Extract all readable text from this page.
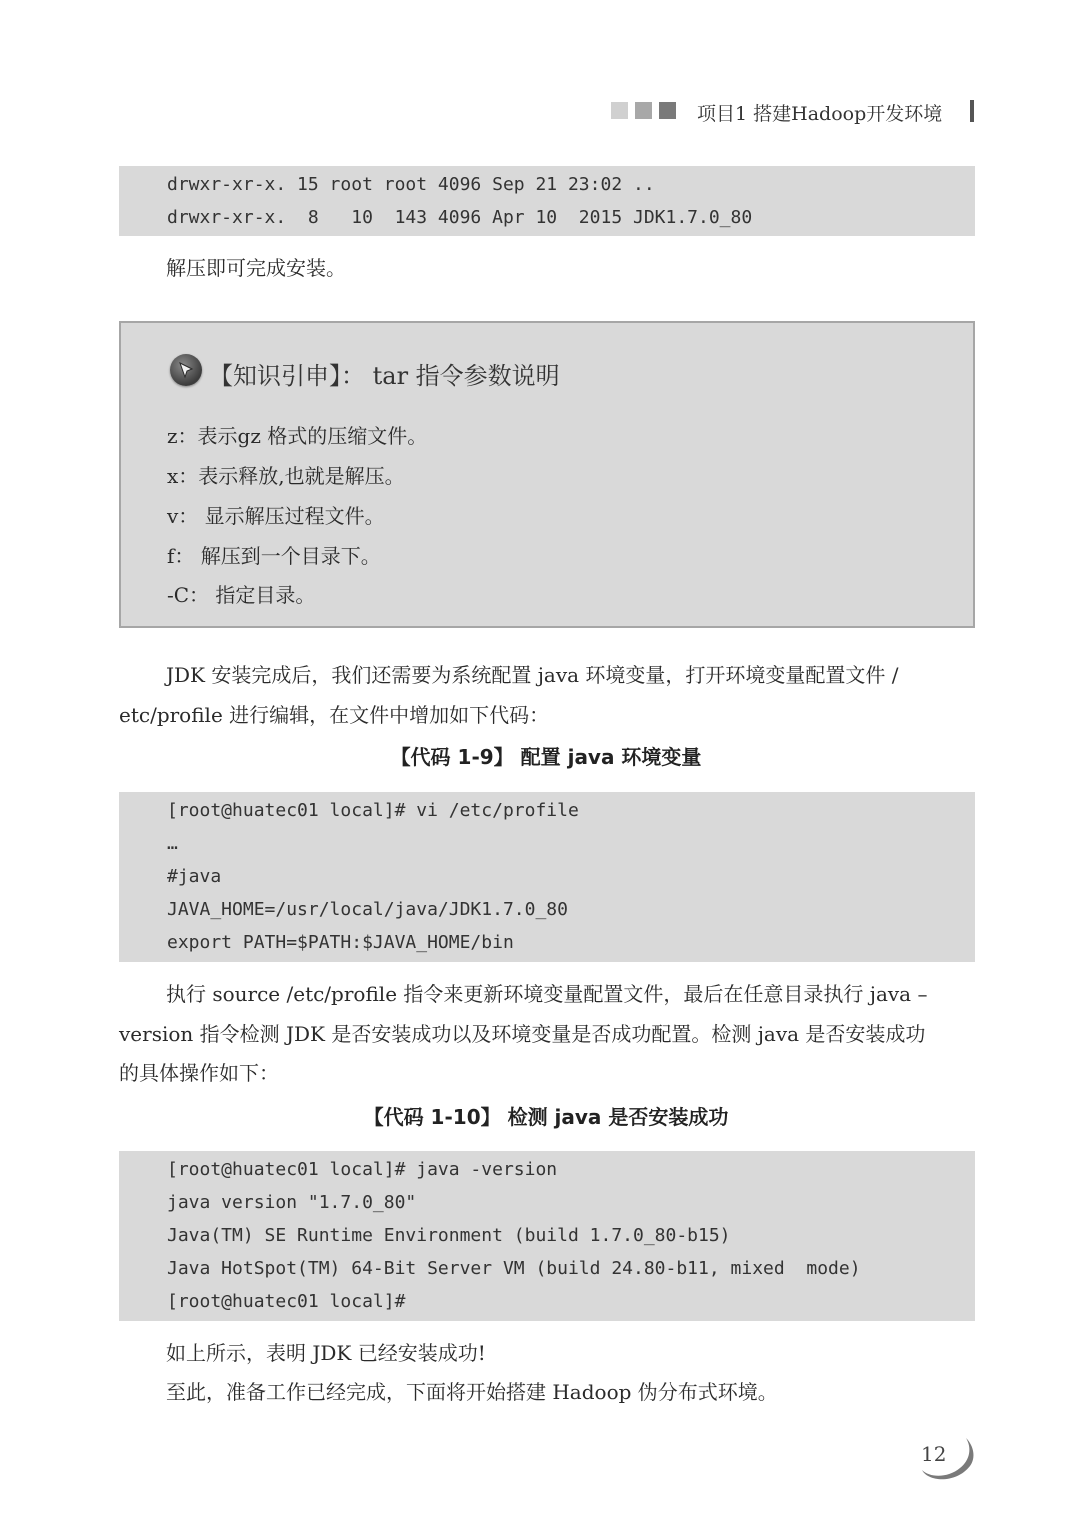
项目1 搭建Hadoop开发环境
drwxr-xr-x. 15 root root 4096 Sep 21 23:02 ..
drwxr-xr-x.  8   10  143 4096 Apr 10  2015 JDK1.7.0_80
解压即可完成安装。
【知识引申】： tar 指令参数说明
z：表示gz 格式的压缩文件。
x：表示释放,也就是解压。
v： 显示解压过程文件。
f： 解压到一个目录下。
-C： 指定目录。
JDK 安装完成后，我们还需要为系统配置 java 环境变量，打开环境变量配置文件 /
etc/profile 进行编辑，在文件中增加如下代码：
【代码 1-9】 配置 java 环境变量
[root@huatec01 local]# vi /etc/profile
…
#java
JAVA_HOME=/usr/local/java/JDK1.7.0_80
export PATH=$PATH:$JAVA_HOME/bin
执行 source /etc/profile 指令来更新环境变量配置文件，最后在任意目录执行 java –
version 指令检测 JDK 是否安装成功以及环境变量是否成功配置。检测 java 是否安装成功
的具体操作如下：
【代码 1-10】 检测 java 是否安装成功
[root@huatec01 local]# java -version
java version "1.7.0_80"
Java(TM) SE Runtime Environment (build 1.7.0_80-b15)
Java HotSpot(TM) 64-Bit Server VM (build 24.80-b11, mixed  mode)
[root@huatec01 local]#
如上所示，表明 JDK 已经安装成功!
至此，准备工作已经完成，下面将开始搭建 Hadoop 伪分布式环境。
12
